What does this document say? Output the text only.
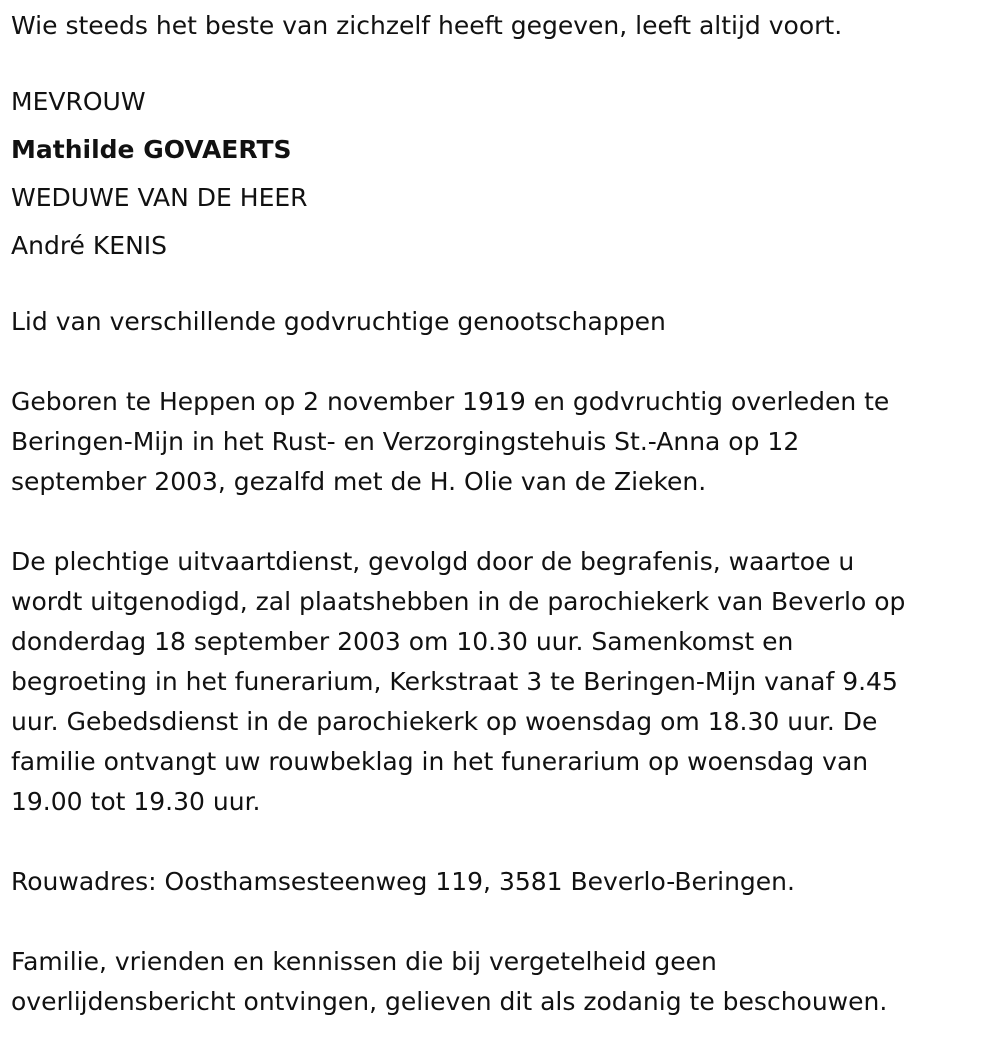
Wie steeds het beste van zichzelf heeft gegeven, leeft altijd voort.
MEVROUW
Mathilde GOVAERTS
WEDUWE VAN DE HEER
André KENIS
Lid van verschillende godvruchtige genootschappen
Geboren te Heppen op 2 november 1919 en godvruchtig overleden te
Beringen-Mijn in het Rust- en Verzorgingstehuis St.-Anna op 12
september 2003, gezalfd met de H. Olie van de Zieken.
De plechtige uitvaartdienst, gevolgd door de begrafenis, waartoe u
wordt uitgenodigd, zal plaatshebben in de parochiekerk van Beverlo op
donderdag 18 september 2003 om 10.30 uur. Samenkomst en
begroeting in het funerarium, Kerkstraat 3 te Beringen-Mijn vanaf 9.45
uur. Gebedsdienst in de parochiekerk op woensdag om 18.30 uur. De
familie ontvangt uw rouwbeklag in het funerarium op woensdag van
19.00 tot 19.30 uur.
Rouwadres: Oosthamsesteenweg 119, 3581 Beverlo-Beringen.
Familie, vrienden en kennissen die bij vergetelheid geen
overlijdensbericht ontvingen, gelieven dit als zodanig te beschouwen.
